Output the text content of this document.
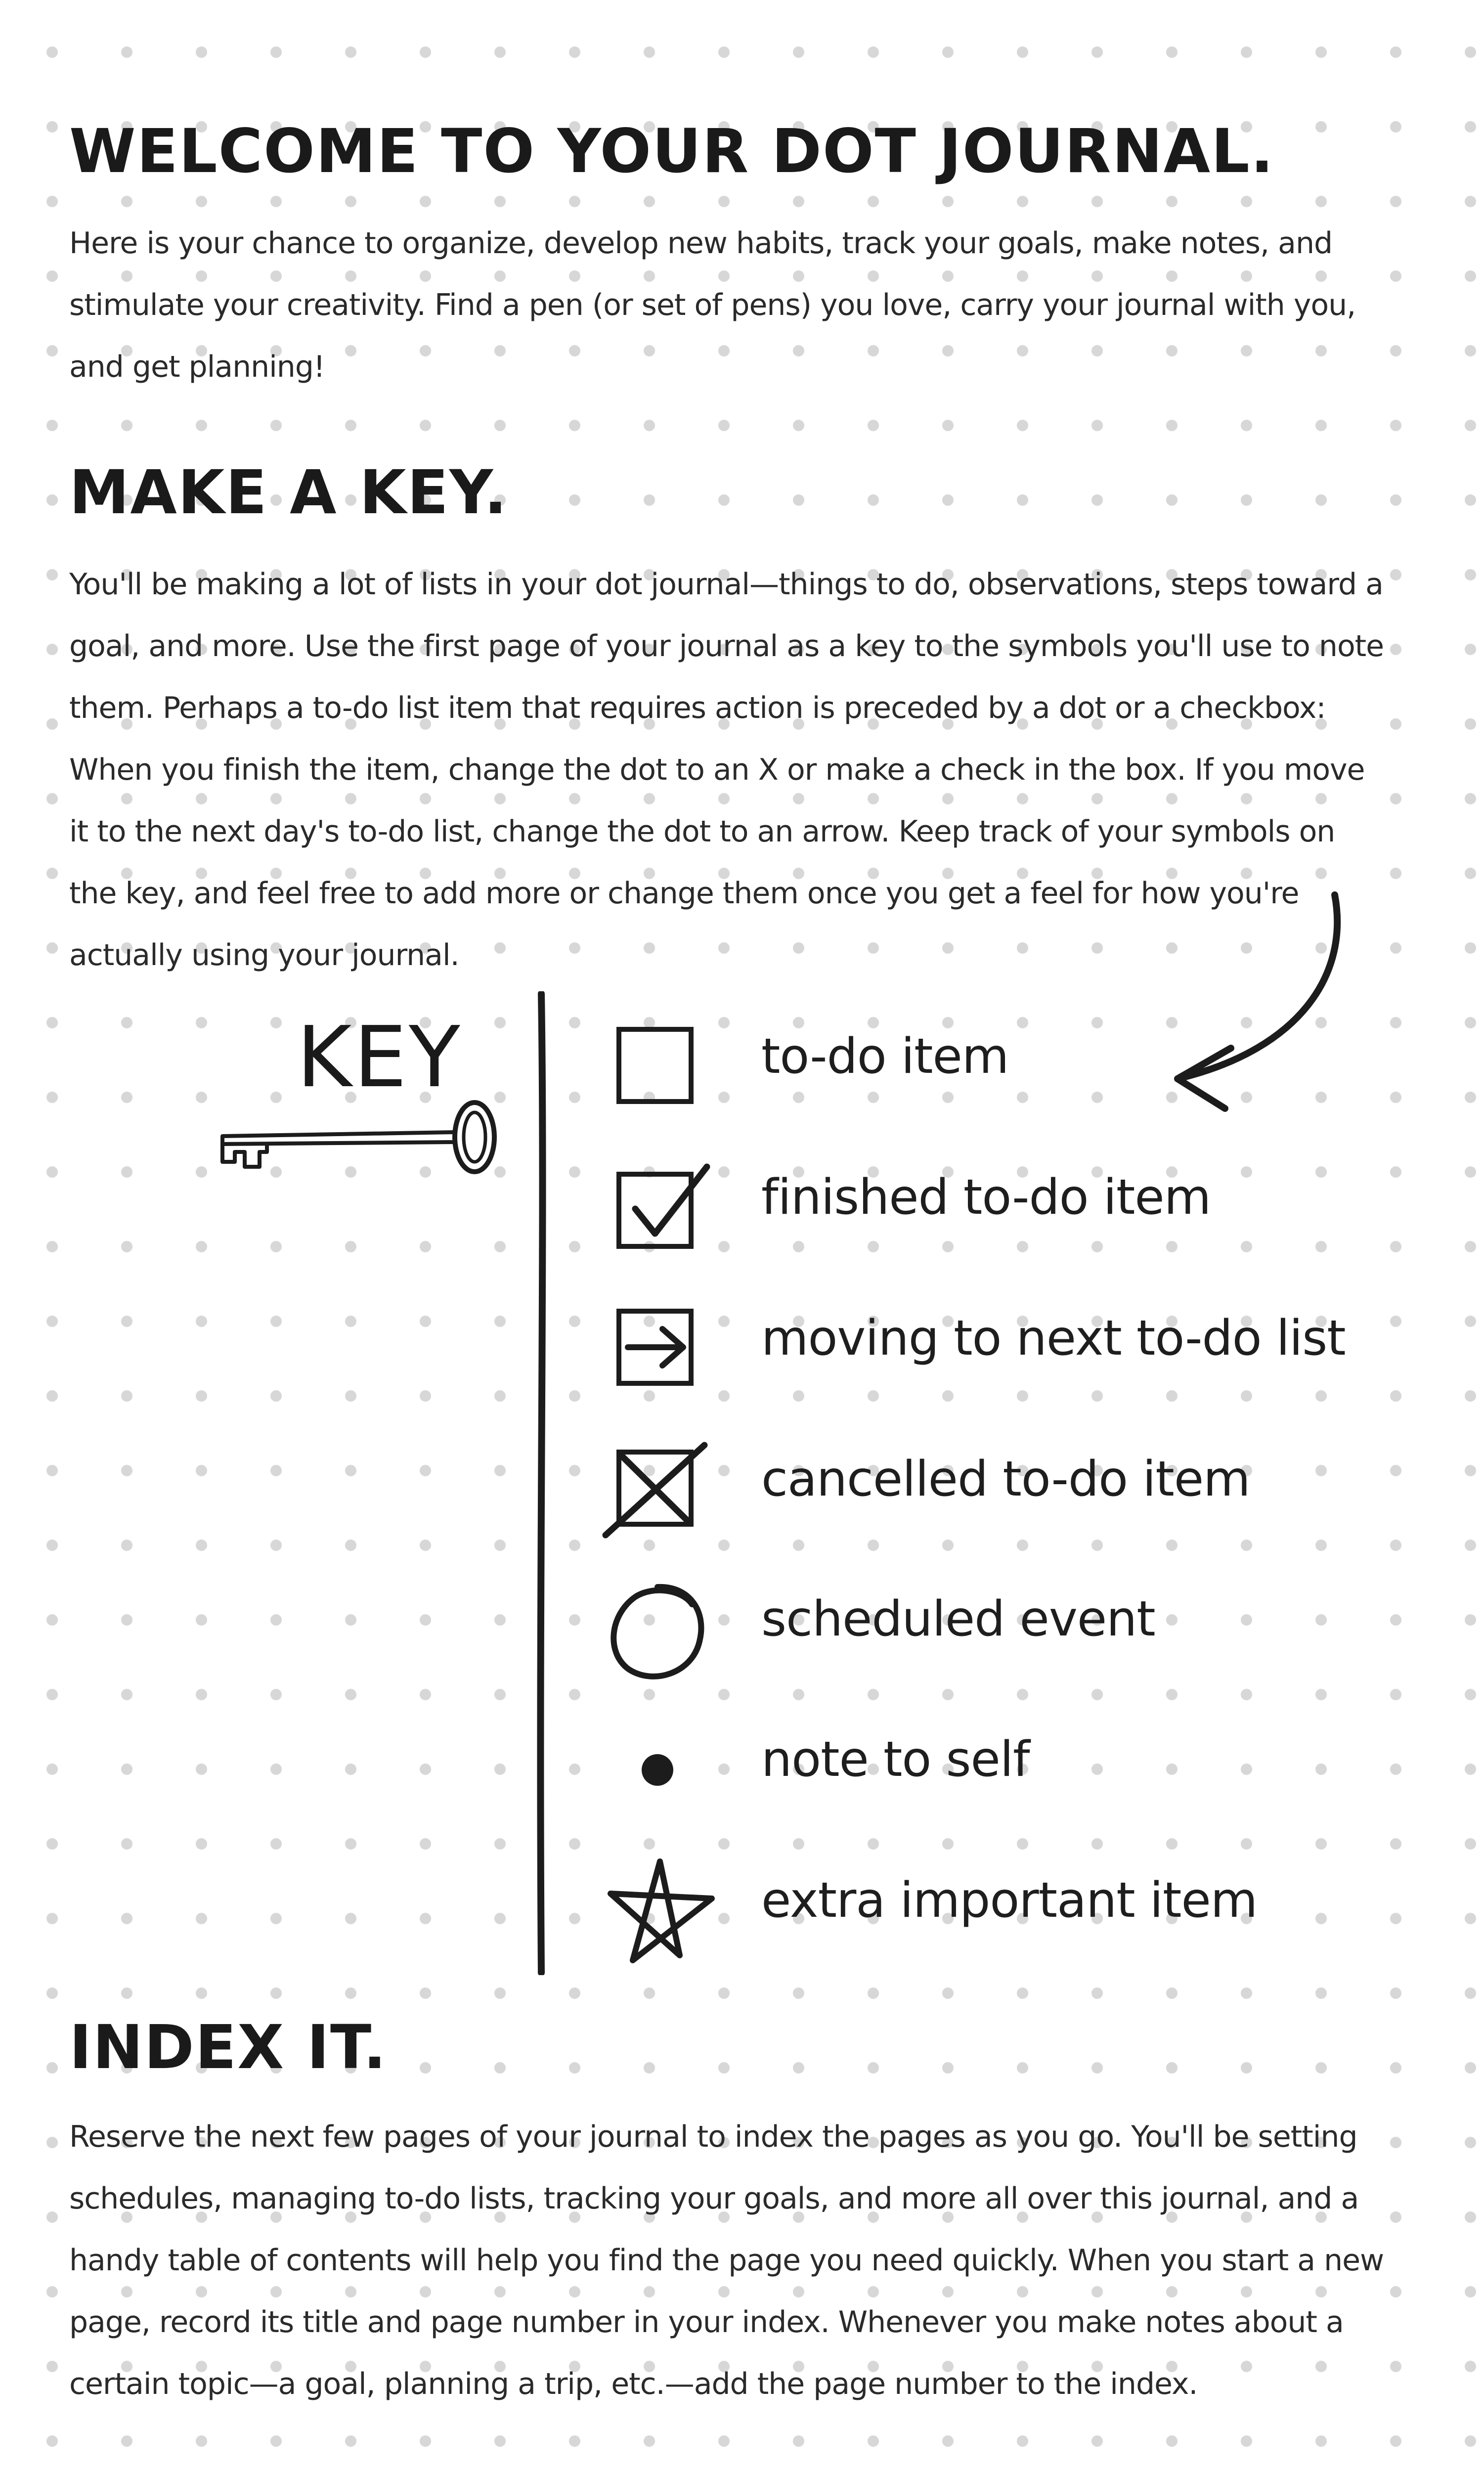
WELCOME TO YOUR DOT JOURNAL.

Here is your chance to organize, develop new habits, track your goals, make notes, and stimulate your creativity. Find a pen (or set of pens) you love, carry your journal with you, and get planning!

MAKE A KEY.

You'll be making a lot of lists in your dot journal—things to do, observations, steps toward a goal, and more. Use the first page of your journal as a key to the symbols you'll use to note them. Perhaps a to-do list item that requires action is preceded by a dot or a checkbox: When you finish the item, change the dot to an X or make a check in the box. If you move it to the next day's to-do list, change the dot to an arrow. Keep track of your symbols on the key, and feel free to add more or change them once you get a feel for how you're actually using your journal.

KEY	to-do item
finished to-do item
moving to next to-do list
cancelled to-do item
scheduled event
note to self
extra important item
INDEX IT.

Reserve the next few pages of your journal to index the pages as you go. You'll be setting schedules, managing to-do lists, tracking your goals, and more all over this journal, and a handy table of contents will help you find the page you need quickly. When you start a new page, record its title and page number in your index. Whenever you make notes about a certain topic—a goal, planning a trip, etc.—add the page number to the index.
